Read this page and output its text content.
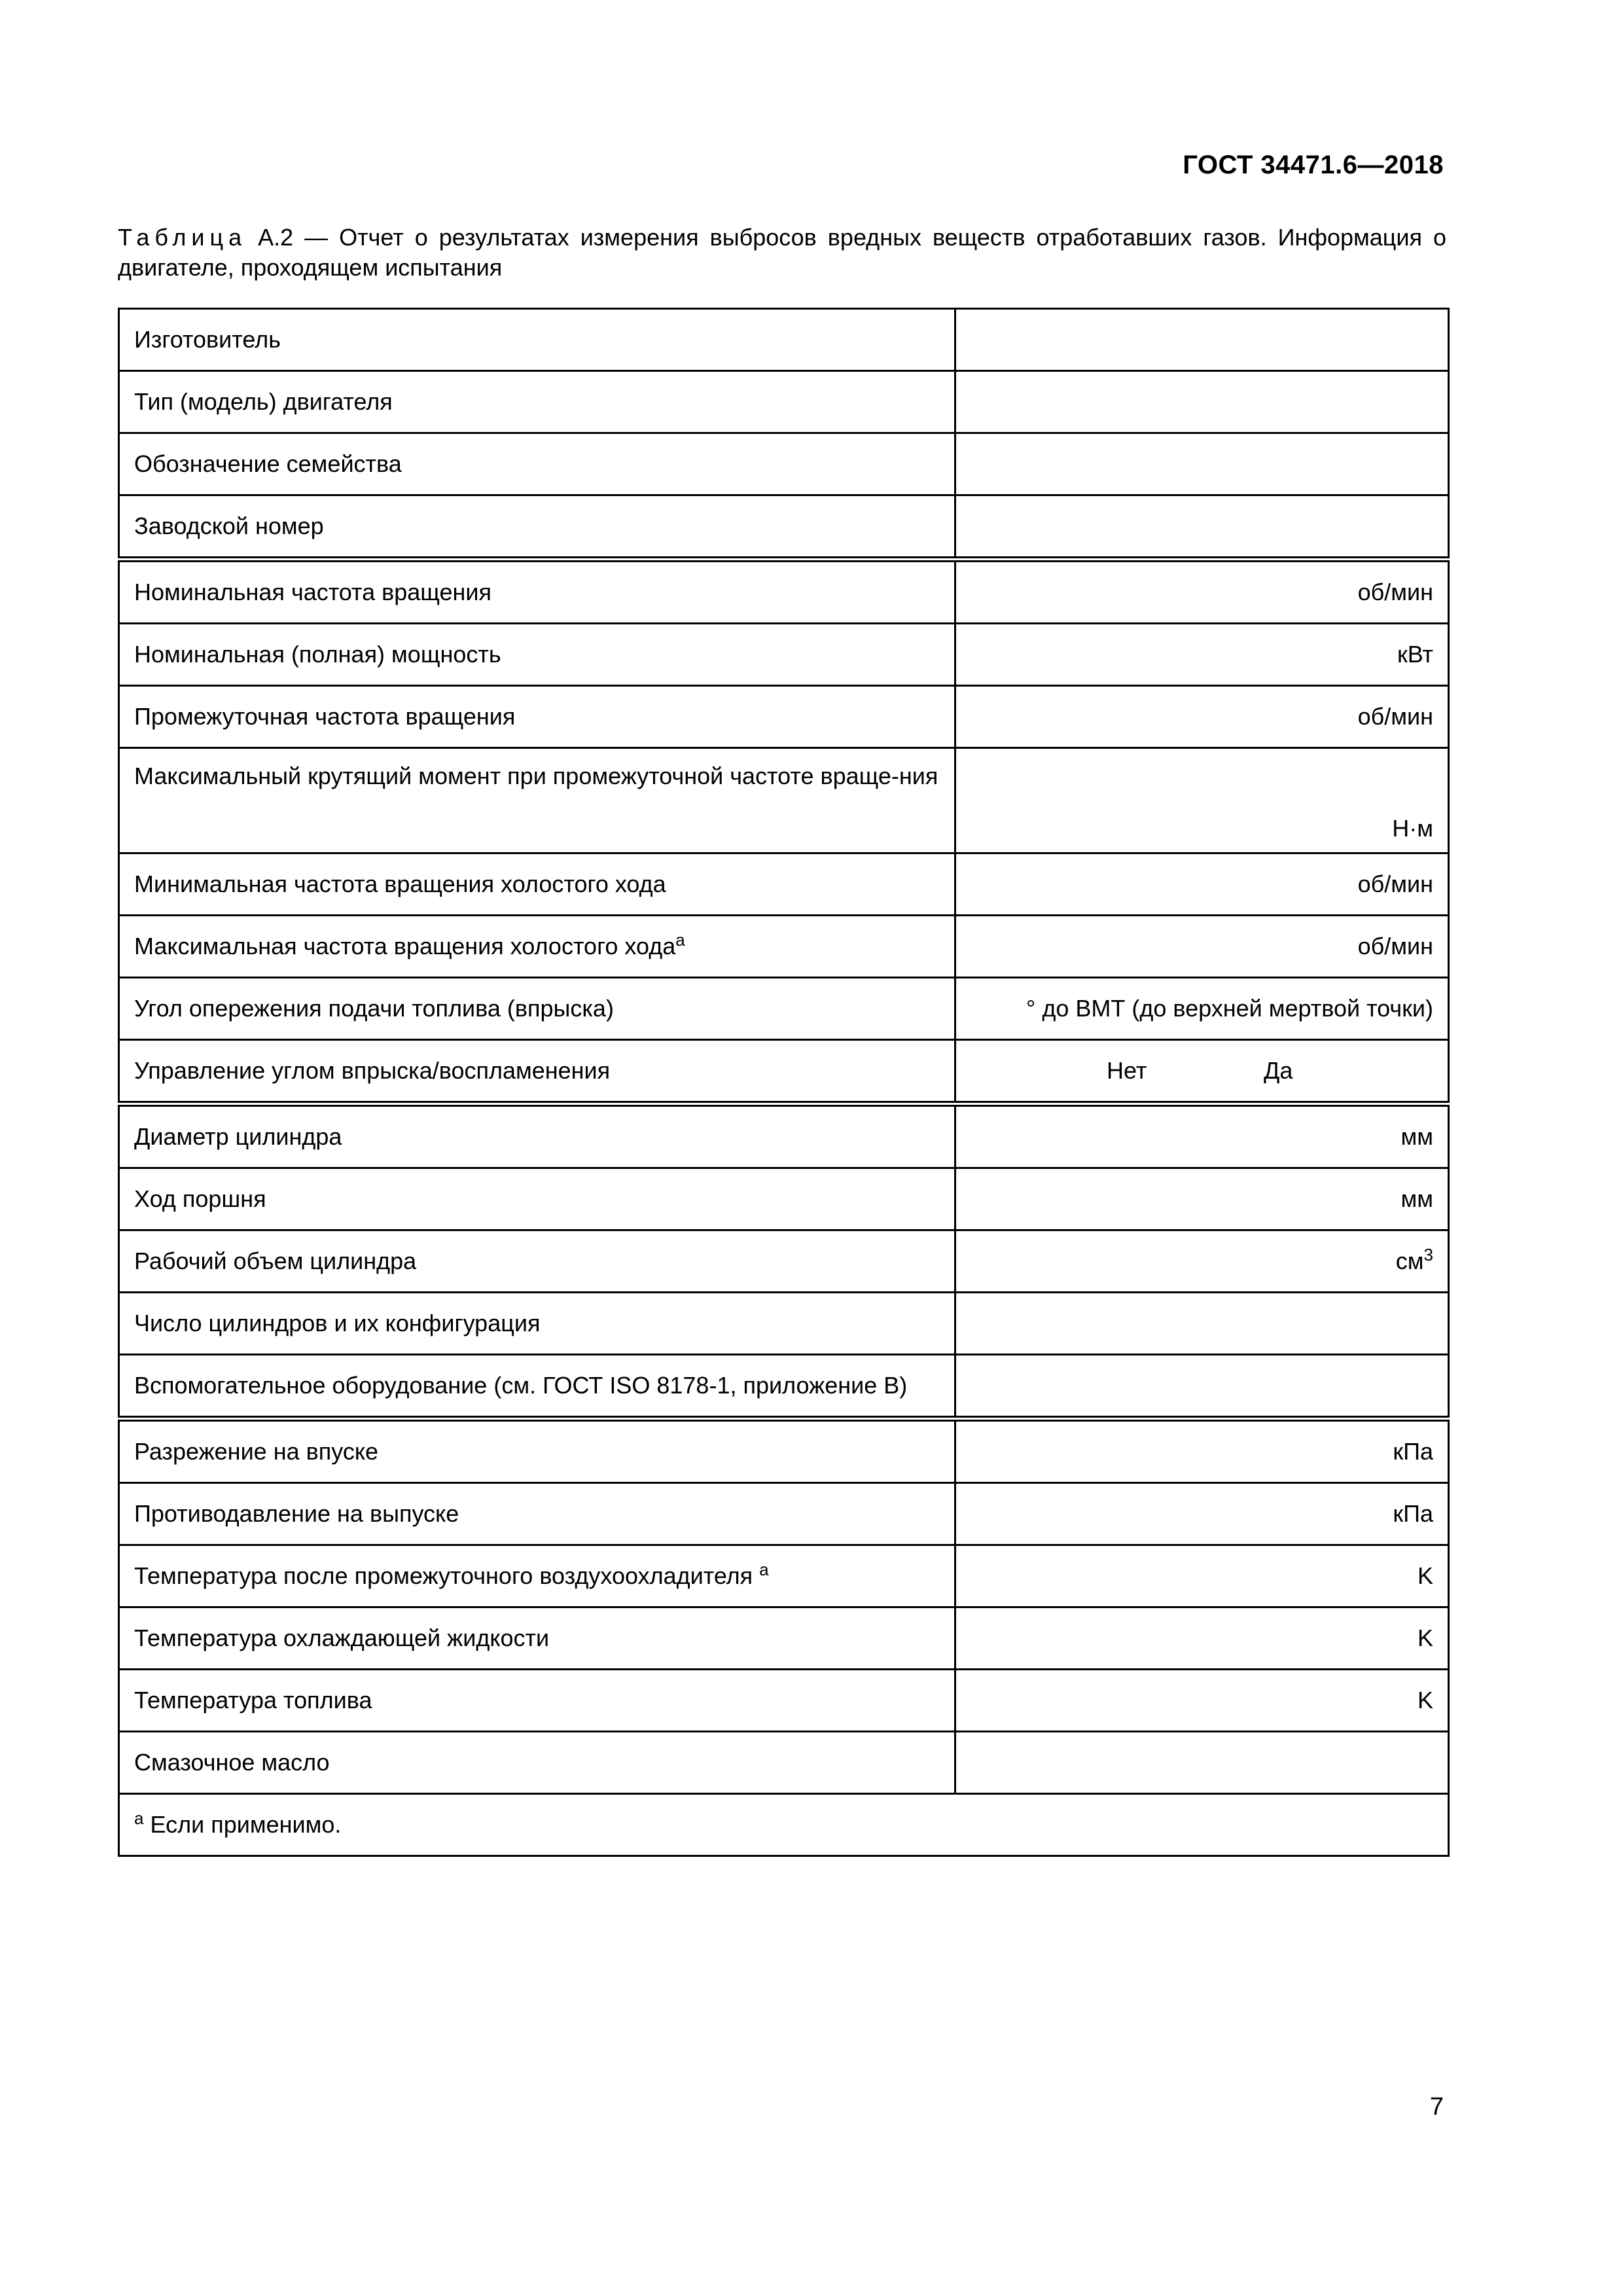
ГОСТ 34471.6—2018
Таблица А.2 — Отчет о результатах измерения выбросов вредных веществ отработавших газов. Информация о двигателе, проходящем испытания
Изготовитель	
Тип (модель) двигателя	
Обозначение семейства	
Заводской номер	
Номинальная частота вращения	об/мин
Номинальная (полная) мощность	кВт
Промежуточная частота вращения	об/мин
Максимальный крутящий момент при промежуточной частоте враще-ния	Н·м
Минимальная частота вращения холостого хода	об/мин
Максимальная частота вращения холостого хода$^a$	об/мин
Угол опережения подачи топлива (впрыска)	° до ВМТ (до верхней мертвой точки)
Управление углом впрыска/воспламенения	Нет Да
Диаметр цилиндра	мм
Ход поршня	мм
Рабочий объем цилиндра	$см^3$
Число цилиндров и их конфигурация	
Вспомогательное оборудование (см. ГОСТ ISO 8178-1, приложение В)	
Разрежение на впуске	кПа
Противодавление на выпуске	кПа
Температура после промежуточного воздухоохладителя $^a$	K
Температура охлаждающей жидкости	K
Температура топлива	K
Смазочное масло	
$^a$ Если применимо.	
7
